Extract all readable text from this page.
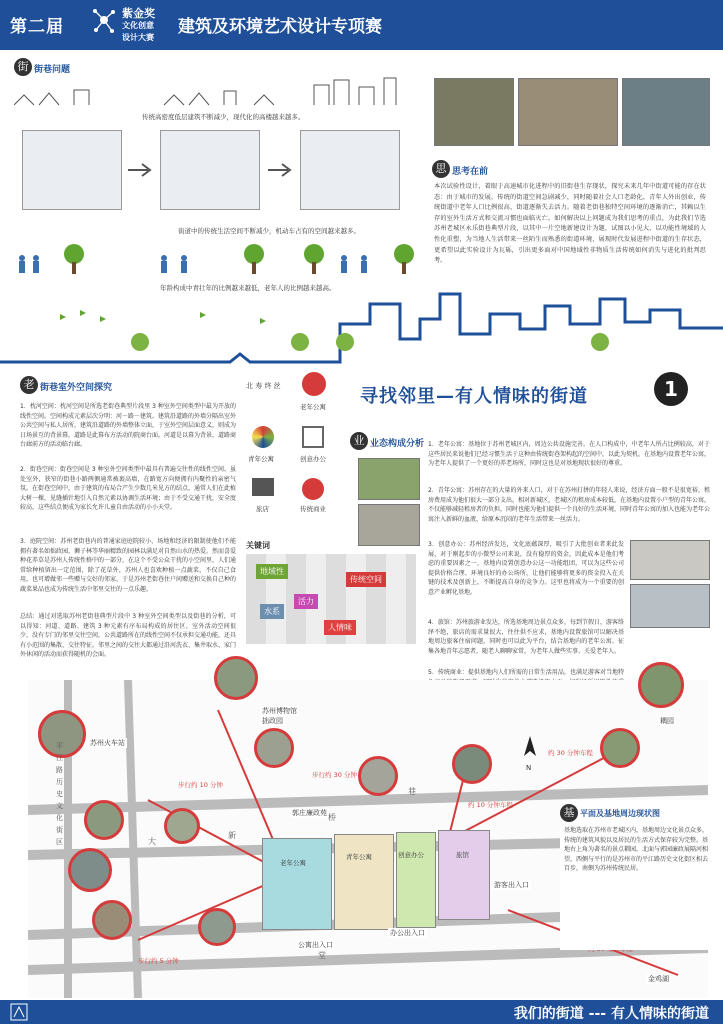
第二届
紫金奖
文化创意
设计大赛
建筑及环境艺术设计专项赛
街 街巷问题
传统高密度低层建筑不断减少，现代化的高楼越来越多。
街道中的传统生活空间不断减少，机动车占有的空间越来越多。
年龄构成中青壮年的比例越来越低，老年人的比例越来越高。
思 思考在前
本次试验性设计，着眼于高速城市化进程中的旧街巷生存现状，探究未来几年中街道可能的存在状态：由于城市的发展，传统的街道空间急剧减少，同时随着社会人口老龄化，青年人外出创业，传统街道中老年人口比例很高，街道逐渐失去活力。随着老街巷独特空间环境的逐渐消亡，其赖以生存的室外生活方式和交流习惯也面临灭亡。如何解决以上问题成为我们思考的重点，为此我们节选苏州老城区永乐街巷典型片段，以其中一片空地新建设计为题，试图以小见大，以功能性境域的人性化重塑，为当地人生活带来一丝陌生而熟悉的街道环境，展现时代发展进程中街道的生存状态，更希望以此实验设计为瓦砾，引出更多面对中国地域性非物质生活传统如何消失与进化的批判思考。
老 街巷室外空间探究
1．枕河空间：枕河空间是所选老街巷典型片段里 3 种室外空间类型中最为开放的线性空间。空间构成元素层次分明：河－路－建筑。建筑沿道路的外墙分隔出室外公共空间与私人居所，建筑沿道路的外墙整体立面，于室外空间层面意义，则成为日场景互的背景幕，道路是此幕布方活动的院商台面。河道是以幕为背景，道路商台廊前方的活动临台廊。
2．街巷空间：街巷空间是 3 种室外空间类型中最具有普遍交往性的线性空间。虽处室外，狭窄的街巷小路两侧通常被裹高墙，在路宽方向便拥有内聚性的亲密气氛。在街巷空间中，由于建筑的布局合产生少数几米见方的结点，通常人们在此植大树一棵，见缝插针地引入自然元素以协调生活环境；由于不受交通干扰，安全度较高，这些结点便成为家长允许儿童自由活动的小小天堂。
3．庭院空间：苏州老街巷内的普通家庭庭院较小，场地和经济的限制使他们不能拥有著名如拙政园、狮子林等华丽精致的园林以满足对自然山水的热爱。然而喜爱种花养草是苏州人传统性格中的一部分，在这个不受公众干扰的小空间里，人们通常给种植留出一定范围，除了花草外，苏州人也喜欢种植一点蔬菜，不仅自己食用，也可增做邻一些赠与交好的邻家。于是苏州老街巷住户间赠送和交换自己种的蔬菜果品也成为传统生活中邻里交往的一点乐趣。
总结：通过对选取苏州老街巷典型片段中 3 种室外空间类型以及街巷的分析，可以得知：河道、道路、建筑 3 种元素有序布局构成的居住区，室外活动空间很少，没有专门的邻里交往空间，公共道路所在的线性空间不仅承担交通功能，还具有小范围的集散、交往特征。邻里之间的交往大都通过沿河洗衣、集井取水、家门外休闲的活动而获得随机的会面。
北 寿 终 丝
老年公寓
青年公寓	创意办公
旅店	传统商业
寻找邻里—有人情味的街道	1
业 业态构成分析 1．老年公寓：基地位于苏州老城区内，周边公共设施完善。在人口构成中，中老年人所占比例较高，对于这些居民来说他们已经习惯生活于这种由传统街巷架构起的空间中，以此为契机，在基地内设置老年公寓，为老年人提供了一个更好的养老场所，同时这也是对基地现状很好的尊重。
2．青年公寓：苏州存在的大量的外来人口，对于在苏州打拼的年轻人来说，经济方面一般不是很宽裕，租房费用成为他们很大一部分支出。相对新城区，老城区的租房成本较低，在基地内设置小户型的青年公寓，不仅能够减轻租房者的负担，同时也能为他们提供一个良好的生活环境，同时青年公寓的加入也能为老年公寓注入新鲜的血液，给原本沉闷的老年生活带来一丝活力。
3．创意办公：苏州经济发达，文化底蕴深厚，吸引了大批创业者来此发展，对于刚起步的小微型公司来说，没有稳厚的资金，因此成本是他们考虑的重要因素之一，基地内设置创意办公这一功能组团，可以为这些公司提供价格合理、环境良好的办公场所，让他们能够将更多的资金投入在关键的技术及创新上，不断提高自身的竞争力。这里也将成为一个重要的创意产业孵化基地。
4．旅馆：苏州旅游业发达，所选基地周边景点众多，每到节假日，游客络绎不绝，旅店的需求量很大，往往供不应求，基地内设置旅馆可以解决基地周边旅客住宿问题，同时也可以此为平台，结合基地内的老年公寓、征集各地青年志愿者，随老人聊聊家常，为老年人做些实事、关爱老年人。
5．传统商业：提供基地内人们所需的日常生活用品，也满足游客对当地特
关键词
地域性
传统空间
活力
水系
人情味
老年公寓
青年公寓	创意办公	旅馆
游客出入口
办公出入口
公寓出入口
苏州博物馆
拙政园
苏州火车站
耦园
郭庄廉政苑
金鸡湖
平江路历史文化街区	大
新
巷
桥
堂
步行约 30 分钟
步行约 10 分钟
步行约 5 分钟
约 30 分钟车程
约 10 分钟车程
N
基 平面及基地周边现状图
基地选取在苏州市老城区内，基地周边文化景点众多，传统的建筑风貌以及居民的生活方式保存较为完整。基地右上角为著名的景点耦园，北面与郭园廉政展隔河相望，西侧与平行的是苏州市的平江路历史文化街区相去百步，南侧为苏州传统民居。
我们的街道 --- 有人情味的街道
